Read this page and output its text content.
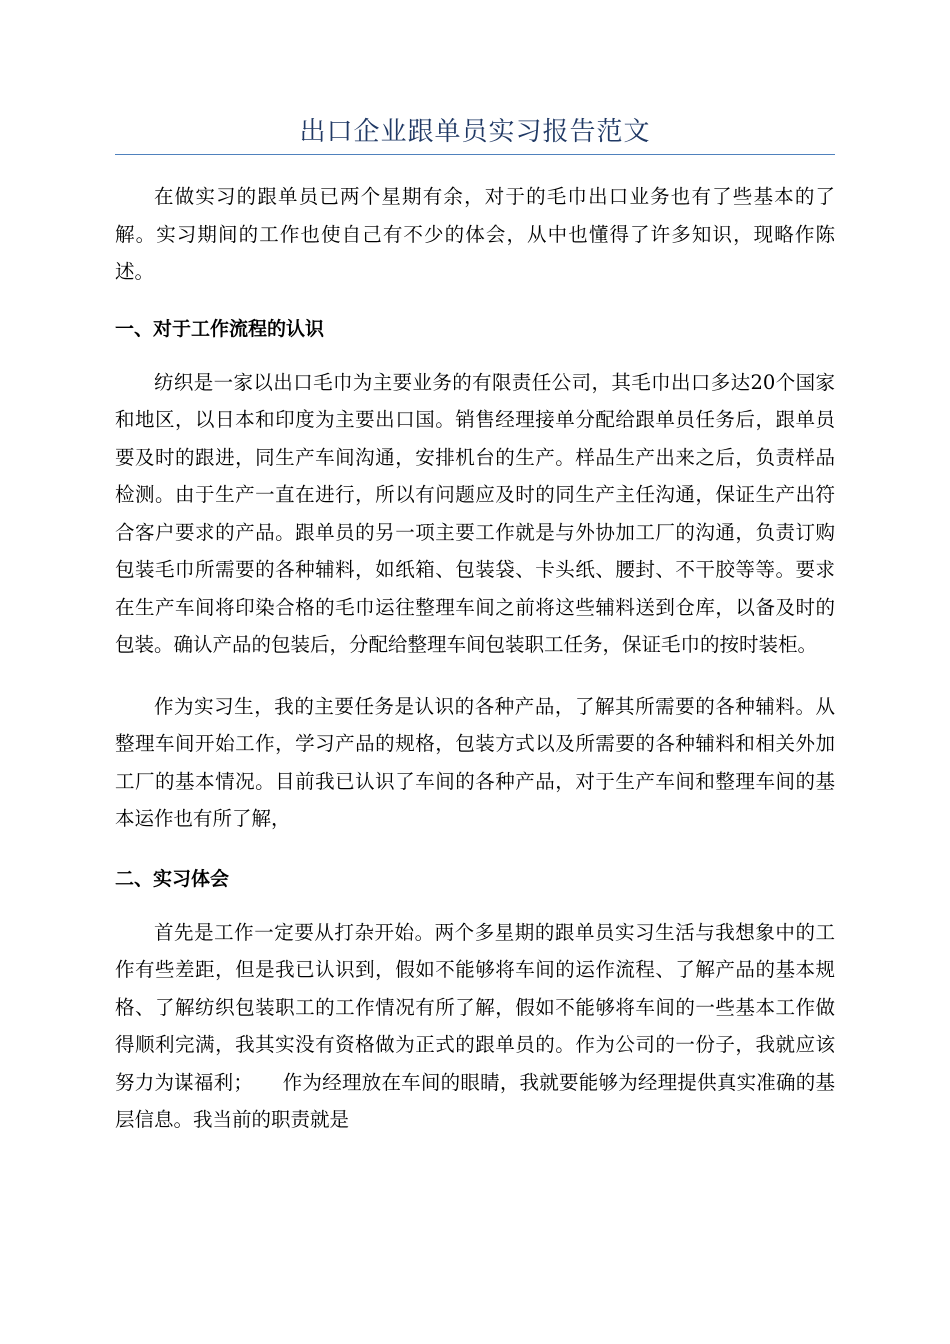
出口企业跟单员实习报告范文

在做实习的跟单员已两个星期有余，对于的毛巾出口业务也有了些基本的了解。实习期间的工作也使自己有不少的体会，从中也懂得了许多知识，现略作陈述。

一、对于工作流程的认识

纺织是一家以出口毛巾为主要业务的有限责任公司，其毛巾出口多达20个国家和地区，以日本和印度为主要出口国。销售经理接单分配给跟单员任务后，跟单员要及时的跟进，同生产车间沟通，安排机台的生产。样品生产出来之后，负责样品检测。由于生产一直在进行，所以有问题应及时的同生产主任沟通，保证生产出符合客户要求的产品。跟单员的另一项主要工作就是与外协加工厂的沟通，负责订购包装毛巾所需要的各种辅料，如纸箱、包装袋、卡头纸、腰封、不干胶等等。要求在生产车间将印染合格的毛巾运往整理车间之前将这些辅料送到仓库，以备及时的包装。确认产品的包装后，分配给整理车间包装职工任务，保证毛巾的按时装柜。

作为实习生，我的主要任务是认识的各种产品，了解其所需要的各种辅料。从整理车间开始工作，学习产品的规格，包装方式以及所需要的各种辅料和相关外加工厂的基本情况。目前我已认识了车间的各种产品，对于生产车间和整理车间的基本运作也有所了解，

二、实习体会

首先是工作一定要从打杂开始。两个多星期的跟单员实习生活与我想象中的工作有些差距，但是我已认识到，假如不能够将车间的运作流程、了解产品的基本规格、了解纺织包装职工的工作情况有所了解，假如不能够将车间的一些基本工作做得顺利完满，我其实没有资格做为正式的跟单员的。作为公司的一份子，我就应该努力为谋福利；　　作为经理放在车间的眼睛，我就要能够为经理提供真实准确的基层信息。我当前的职责就是
